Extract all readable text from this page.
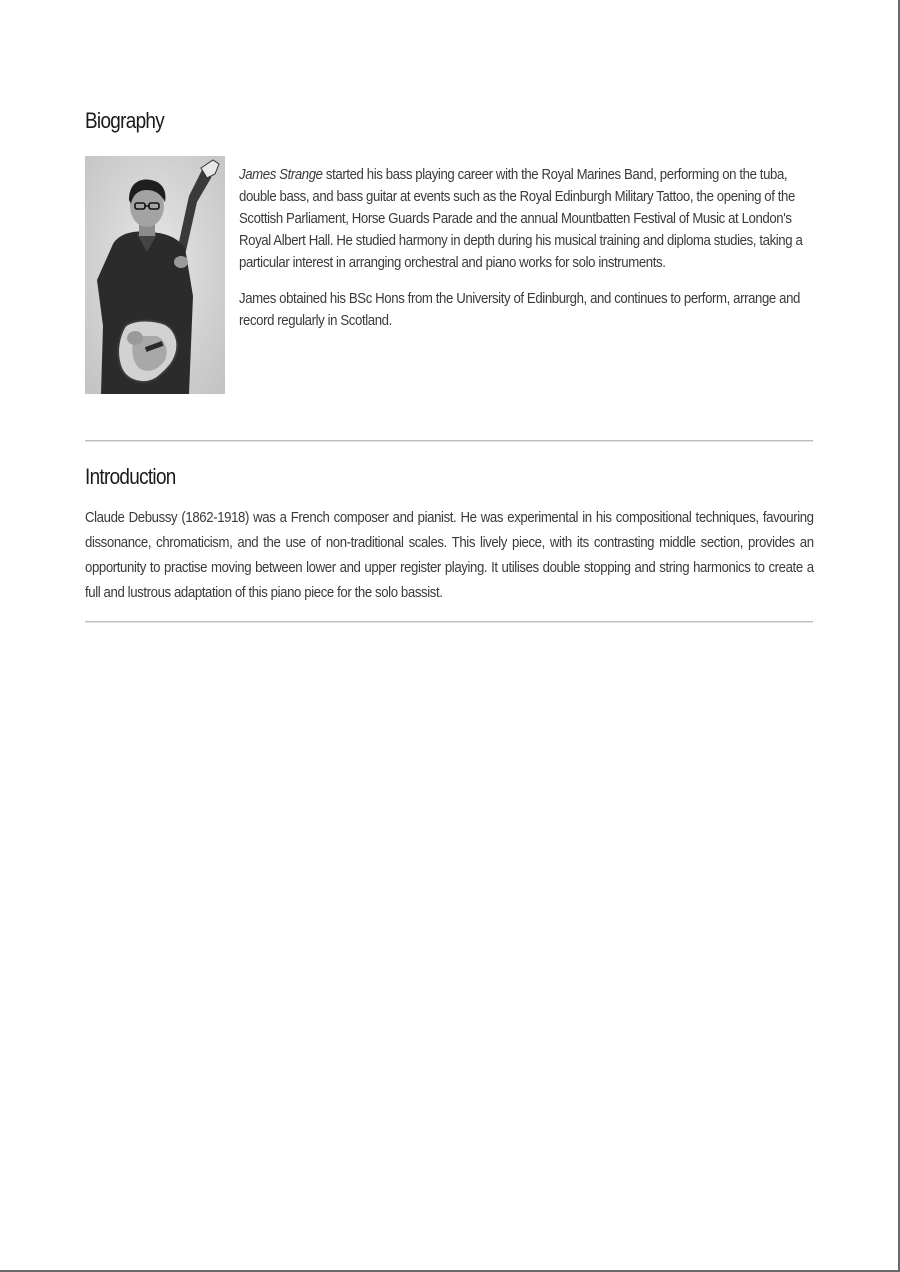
Biography

James Strange started his bass playing career with the Royal Marines Band, performing on the tuba, double bass, and bass guitar at events such as the Royal Edinburgh Military Tattoo, the opening of the Scottish Parliament, Horse Guards Parade and the annual Mountbatten Festival of Music at London's Royal Albert Hall. He studied harmony in depth during his musical training and diploma studies, taking a particular interest in arranging orchestral and piano works for solo instruments.

James obtained his BSc Hons from the University of Edinburgh, and continues to perform, arrange and record regularly in Scotland.

Introduction

Claude Debussy (1862-1918) was a French composer and pianist. He was experimental in his compositional techniques, favouring dissonance, chromaticism, and the use of non-traditional scales. This lively piece, with its contrasting middle section, provides an opportunity to practise moving between lower and upper register playing. It utilises double stopping and string harmonics to create a full and lustrous adaptation of this piano piece for the solo bassist.
